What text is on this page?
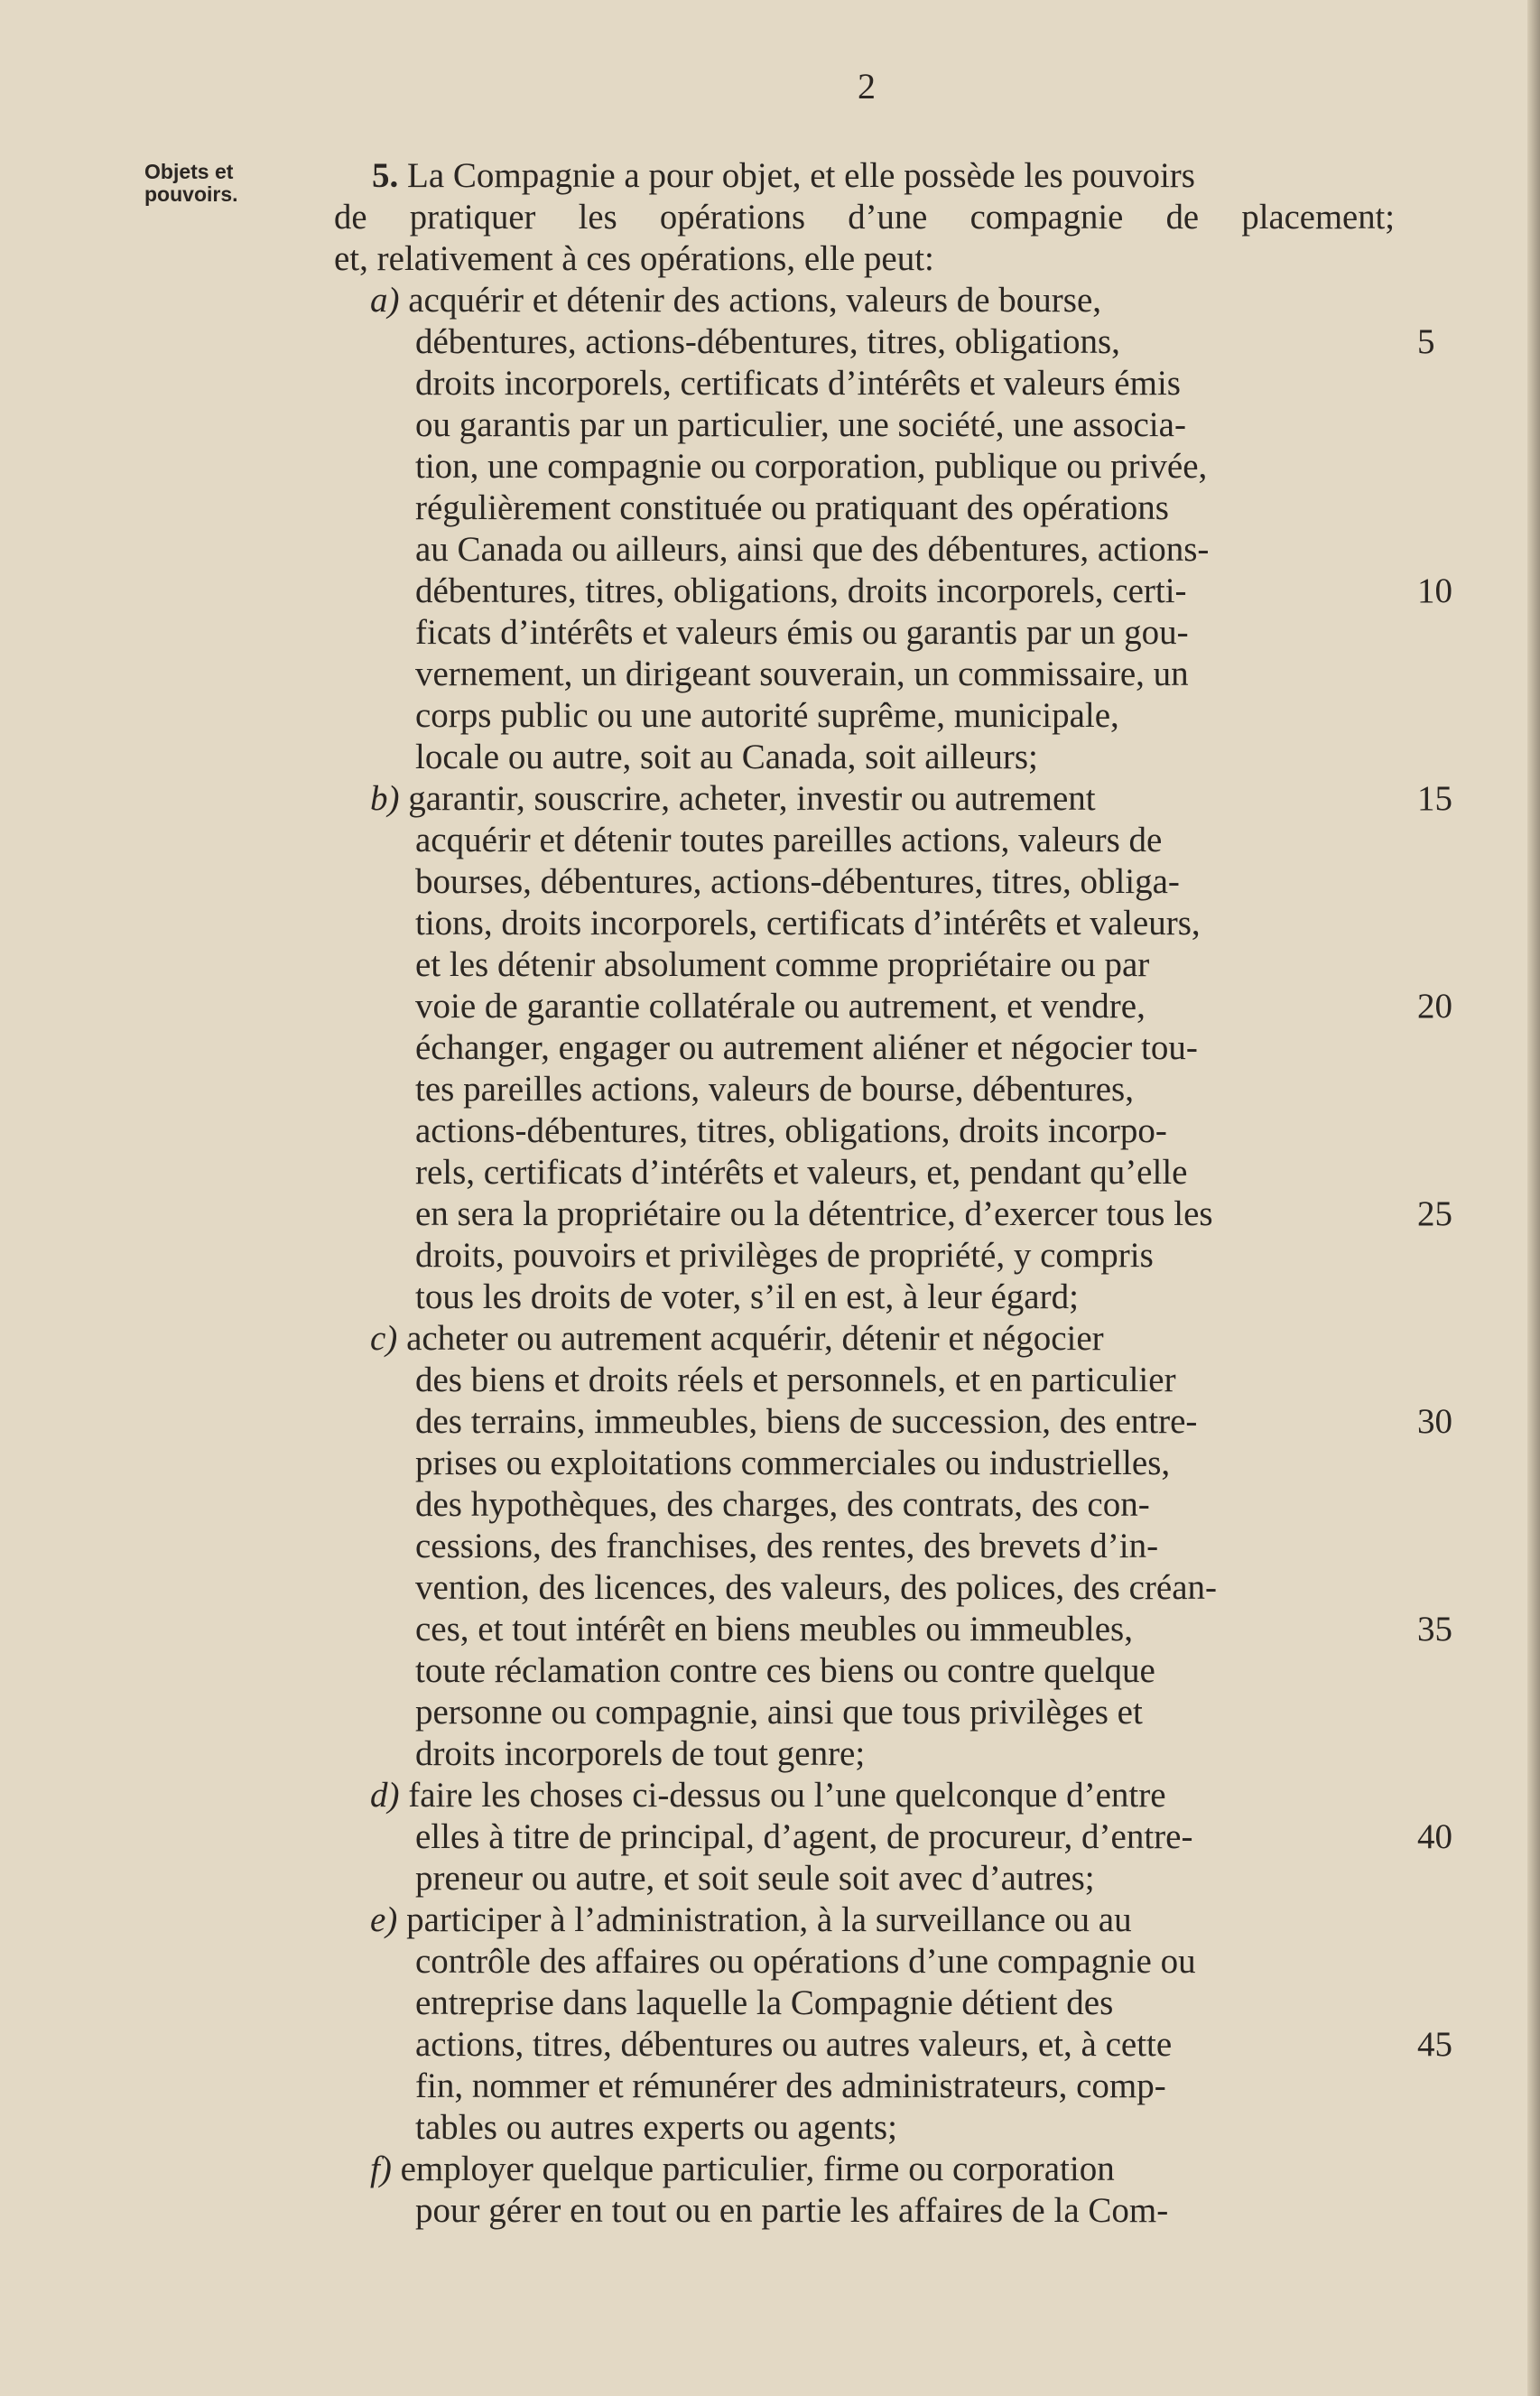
2
Objets et
pouvoirs.	5. La Compagnie a pour objet, et elle possède les pouvoirs
de pratiquer les opérations d’une compagnie de placement;
et, relativement à ces opérations, elle peut:
a) acquérir et détenir des actions, valeurs de bourse,
débentures, actions-débentures, titres, obligations,
droits incorporels, certificats d’intérêts et valeurs émis
ou garantis par un particulier, une société, une associa-
tion, une compagnie ou corporation, publique ou privée,
régulièrement constituée ou pratiquant des opérations
au Canada ou ailleurs, ainsi que des débentures, actions-
débentures, titres, obligations, droits incorporels, certi-
ficats d’intérêts et valeurs émis ou garantis par un gou-
vernement, un dirigeant souverain, un commissaire, un
corps public ou une autorité suprême, municipale,
locale ou autre, soit au Canada, soit ailleurs;
b) garantir, souscrire, acheter, investir ou autrement
acquérir et détenir toutes pareilles actions, valeurs de
bourses, débentures, actions-débentures, titres, obliga-
tions, droits incorporels, certificats d’intérêts et valeurs,
et les détenir absolument comme propriétaire ou par
voie de garantie collatérale ou autrement, et vendre,
échanger, engager ou autrement aliéner et négocier tou-
tes pareilles actions, valeurs de bourse, débentures,
actions-débentures, titres, obligations, droits incorpo-
rels, certificats d’intérêts et valeurs, et, pendant qu’elle
en sera la propriétaire ou la détentrice, d’exercer tous les
droits, pouvoirs et privilèges de propriété, y compris
tous les droits de voter, s’il en est, à leur égard;
c) acheter ou autrement acquérir, détenir et négocier
des biens et droits réels et personnels, et en particulier
des terrains, immeubles, biens de succession, des entre-
prises ou exploitations commerciales ou industrielles,
des hypothèques, des charges, des contrats, des con-
cessions, des franchises, des rentes, des brevets d’in-
vention, des licences, des valeurs, des polices, des créan-
ces, et tout intérêt en biens meubles ou immeubles,
toute réclamation contre ces biens ou contre quelque
personne ou compagnie, ainsi que tous privilèges et
droits incorporels de tout genre;
d) faire les choses ci-dessus ou l’une quelconque d’entre
elles à titre de principal, d’agent, de procureur, d’entre-
preneur ou autre, et soit seule soit avec d’autres;
e) participer à l’administration, à la surveillance ou au
contrôle des affaires ou opérations d’une compagnie ou
entreprise dans laquelle la Compagnie détient des
actions, titres, débentures ou autres valeurs, et, à cette
fin, nommer et rémunérer des administrateurs, comp-
tables ou autres experts ou agents;
f) employer quelque particulier, firme ou corporation
pour gérer en tout ou en partie les affaires de la Com-
5
10
15
20
25
30
35
40
45
